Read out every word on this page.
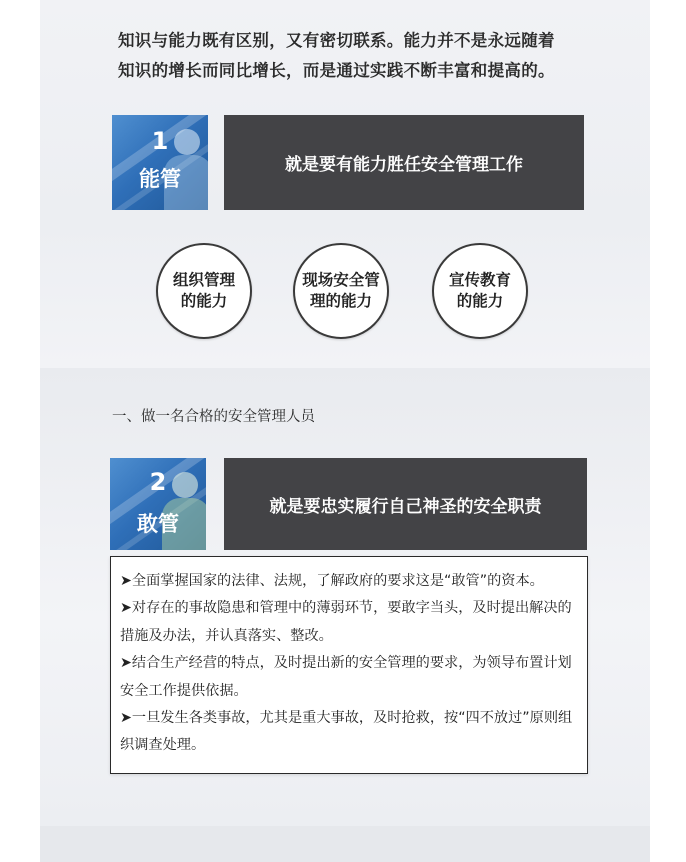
知识与能力既有区别，又有密切联系。能力并不是永远随着
知识的增长而同比增长，而是通过实践不断丰富和提高的。

1
能管
就是要有能力胜任安全管理工作
组织管理
的能力
现场安全管
理的能力
宣传教育
的能力
一、做一名合格的安全管理人员
2
敢管
就是要忠实履行自己神圣的安全职责

➤全面掌握国家的法律、法规，了解政府的要求这是“敢管”的资本。

➤对存在的事故隐患和管理中的薄弱环节，要敢字当头，及时提出解决的措施及办法，并认真落实、整改。

➤结合生产经营的特点，及时提出新的安全管理的要求，为领导布置计划安全工作提供依据。

➤一旦发生各类事故，尤其是重大事故，及时抢救，按“四不放过”原则组织调查处理。
